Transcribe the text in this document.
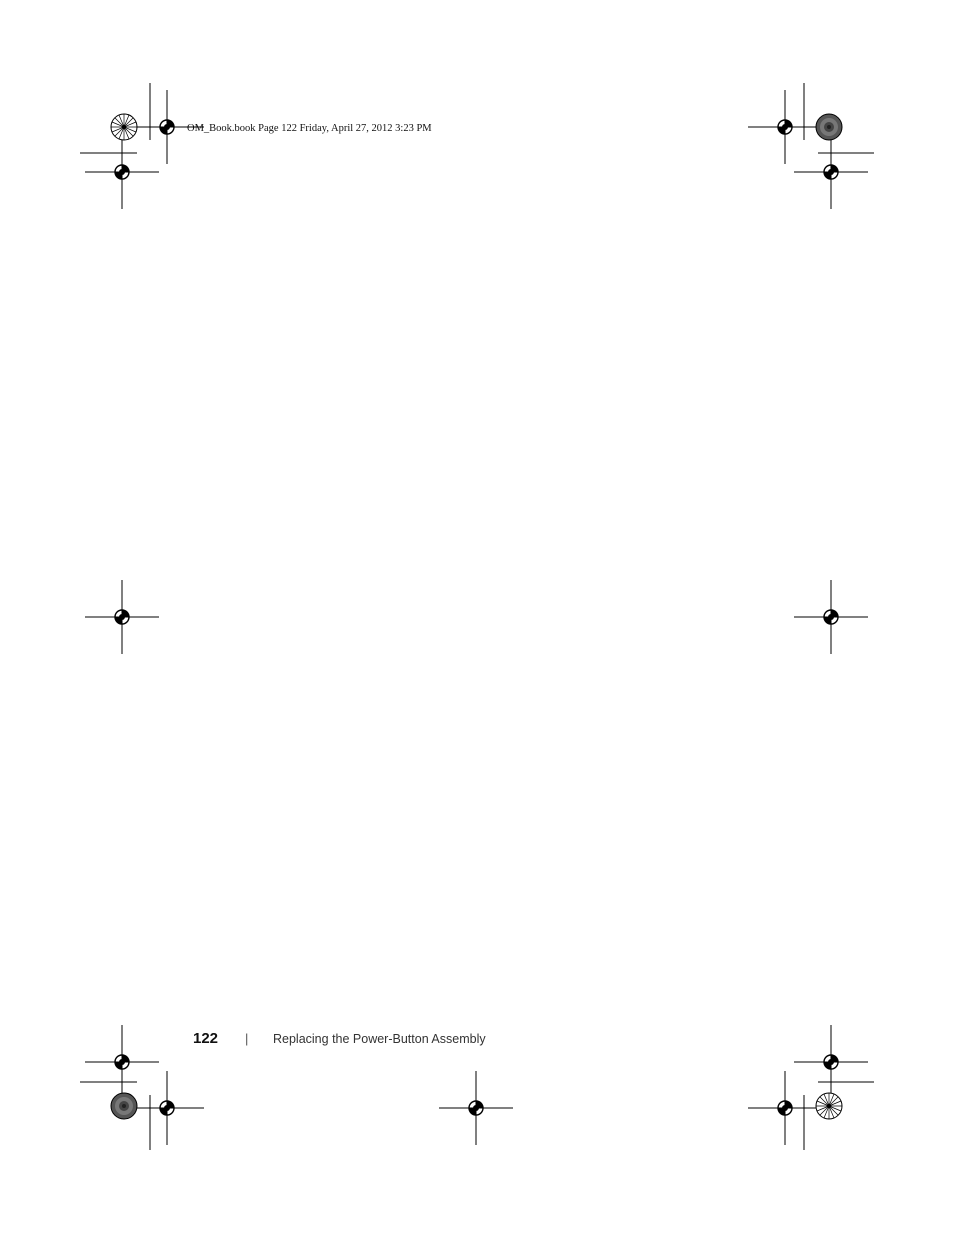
OM_Book.book Page 122 Friday, April 27, 2012 3:23 PM
122 | Replacing the Power-Button Assembly
